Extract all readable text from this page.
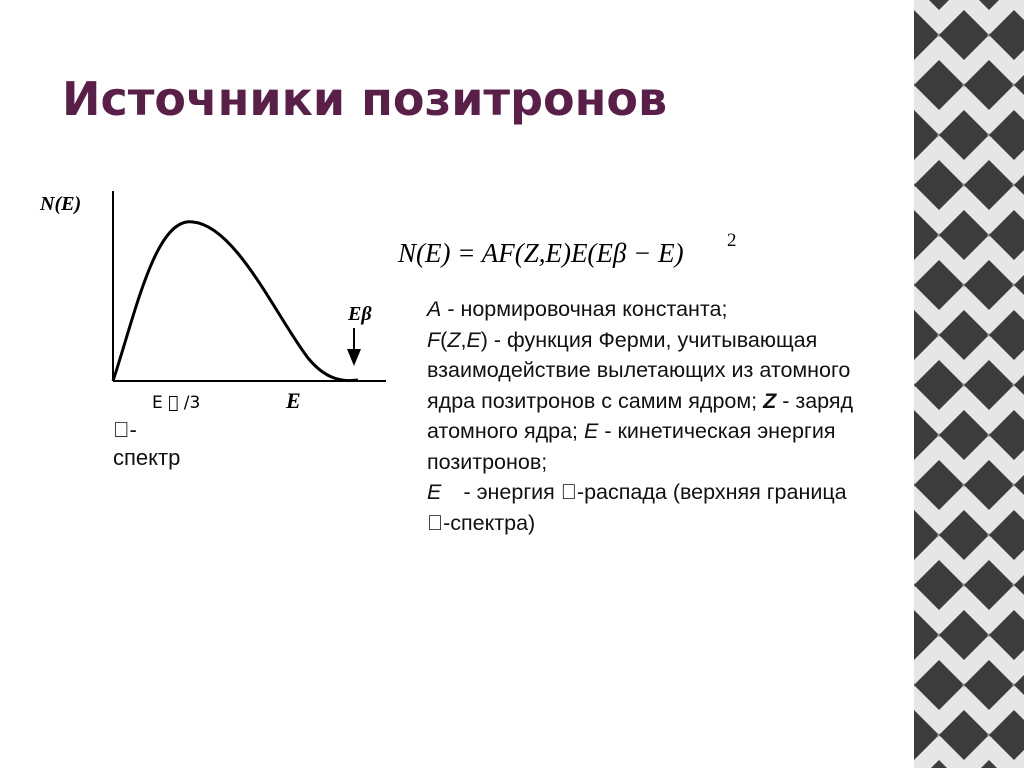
Источники позитронов
N(E)
Eβ
E /3	E
-
спектр
N(E) = AF(Z,E)E(Eβ − E) 2
A - нормировочная константа;
F(Z,E) - функция Ферми, учитывающая взаимодействие вылетающих из атомного ядра позитронов с самим ядром; Z - заряд атомного ядра; E - кинетическая энергия позитронов;
E  - энергия  -распада (верхняя граница  -спектра)
